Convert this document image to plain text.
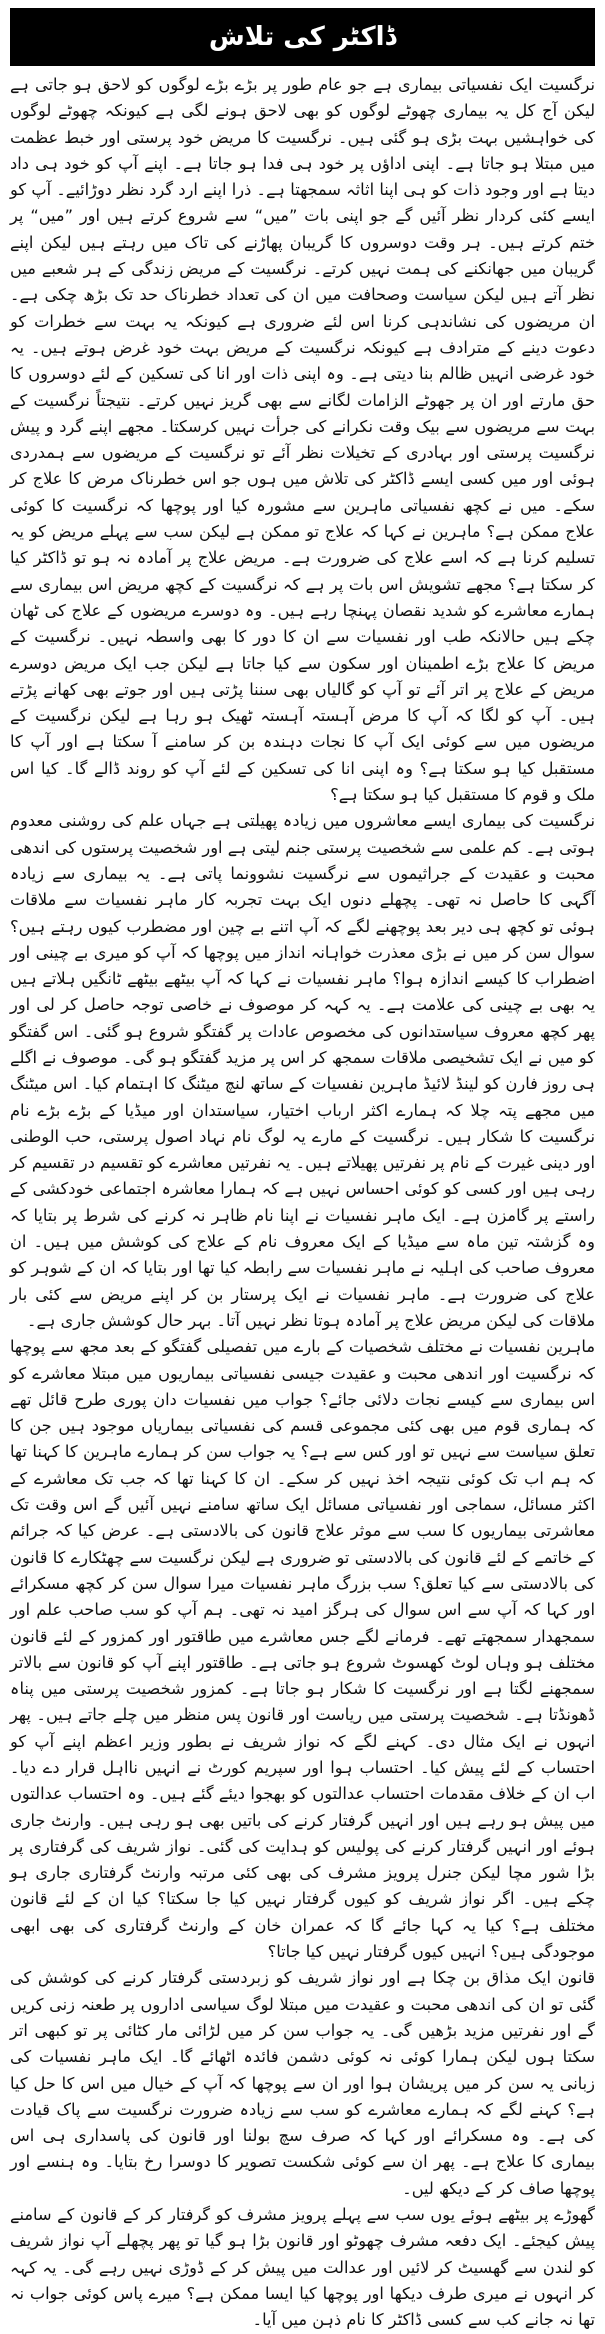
ڈاکٹر کی تلاش

نرگسیت ایک نفسیاتی بیماری ہے جو عام طور پر بڑے بڑے لوگوں کو لاحق ہو جاتی ہے لیکن آج کل یہ بیماری چھوٹے لوگوں کو بھی لاحق ہونے لگی ہے کیونکہ چھوٹے لوگوں کی خواہشیں بہت بڑی ہو گئی ہیں۔ نرگسیت کا مریض خود پرستی اور خبط عظمت میں مبتلا ہو جاتا ہے۔ اپنی اداؤں پر خود ہی فدا ہو جاتا ہے۔ اپنے آپ کو خود ہی داد دیتا ہے اور وجود ذات کو ہی اپنا اثاثہ سمجھتا ہے۔ ذرا اپنے ارد گرد نظر دوڑائیے۔ آپ کو ایسے کئی کردار نظر آئیں گے جو اپنی بات ”میں“ سے شروع کرتے ہیں اور ”میں“ پر ختم کرتے ہیں۔ ہر وقت دوسروں کا گریبان پھاڑنے کی تاک میں رہتے ہیں لیکن اپنے گریبان میں جھانکنے کی ہمت نہیں کرتے۔ نرگسیت کے مریض زندگی کے ہر شعبے میں نظر آتے ہیں لیکن سیاست وصحافت میں ان کی تعداد خطرناک حد تک بڑھ چکی ہے۔ ان مریضوں کی نشاندہی کرنا اس لئے ضروری ہے کیونکہ یہ بہت سے خطرات کو دعوت دینے کے مترادف ہے کیونکہ نرگسیت کے مریض بہت خود غرض ہوتے ہیں۔ یہ خود غرضی انہیں ظالم بنا دیتی ہے۔ وہ اپنی ذات اور انا کی تسکین کے لئے دوسروں کا حق مارتے اور ان پر جھوٹے الزامات لگانے سے بھی گریز نہیں کرتے۔ نتیجتاً نرگسیت کے بہت سے مریضوں سے بیک وقت نکرانے کی جرأت نہیں کرسکتا۔ مجھے اپنے گرد و پیش نرگسیت پرستی اور بہادری کے تخیلات نظر آئے تو نرگسیت کے مریضوں سے ہمدردی ہوئی اور میں کسی ایسے ڈاکٹر کی تلاش میں ہوں جو اس خطرناک مرض کا علاج کر سکے۔ میں نے کچھ نفسیاتی ماہرین سے مشورہ کیا اور پوچھا کہ نرگسیت کا کوئی علاج ممکن ہے؟ ماہرین نے کہا کہ علاج تو ممکن ہے لیکن سب سے پہلے مریض کو یہ تسلیم کرنا ہے کہ اسے علاج کی ضرورت ہے۔ مریض علاج پر آمادہ نہ ہو تو ڈاکٹر کیا کر سکتا ہے؟ مجھے تشویش اس بات پر ہے کہ نرگسیت کے کچھ مریض اس بیماری سے ہمارے معاشرے کو شدید نقصان پہنچا رہے ہیں۔ وہ دوسرے مریضوں کے علاج کی ٹھان چکے ہیں حالانکہ طب اور نفسیات سے ان کا دور کا بھی واسطہ نہیں۔ نرگسیت کے مریض کا علاج بڑے اطمینان اور سکون سے کیا جاتا ہے لیکن جب ایک مریض دوسرے مریض کے علاج پر اتر آئے تو آپ کو گالیاں بھی سننا پڑتی ہیں اور جوتے بھی کھانے پڑتے ہیں۔ آپ کو لگا کہ آپ کا مرض آہستہ آہستہ ٹھیک ہو رہا ہے لیکن نرگسیت کے مریضوں میں سے کوئی ایک آپ کا نجات دہندہ بن کر سامنے آ سکتا ہے اور آپ کا مستقبل کیا ہو سکتا ہے؟ وہ اپنی انا کی تسکین کے لئے آپ کو روند ڈالے گا۔ کیا اس ملک و قوم کا مستقبل کیا ہو سکتا ہے؟

نرگسیت کی بیماری ایسے معاشروں میں زیادہ پھیلتی ہے جہاں علم کی روشنی معدوم ہوتی ہے۔ کم علمی سے شخصیت پرستی جنم لیتی ہے اور شخصیت پرستوں کی اندھی محبت و عقیدت کے جراثیموں سے نرگسیت نشوونما پاتی ہے۔ یہ بیماری سے زیادہ آگہی کا حاصل نہ تھی۔ پچھلے دنوں ایک بہت تجربہ کار ماہر نفسیات سے ملاقات ہوئی تو کچھ ہی دیر بعد پوچھنے لگے کہ آپ اتنے بے چین اور مضطرب کیوں رہتے ہیں؟ سوال سن کر میں نے بڑی معذرت خواہانہ انداز میں پوچھا کہ آپ کو میری بے چینی اور اضطراب کا کیسے اندازہ ہوا؟ ماہر نفسیات نے کہا کہ آپ بیٹھے بیٹھے ٹانگیں ہلاتے ہیں یہ بھی بے چینی کی علامت ہے۔ یہ کہہ کر موصوف نے خاصی توجہ حاصل کر لی اور پھر کچھ معروف سیاستدانوں کی مخصوص عادات پر گفتگو شروع ہو گئی۔ اس گفتگو کو میں نے ایک تشخیصی ملاقات سمجھ کر اس پر مزید گفتگو ہو گی۔ موصوف نے اگلے ہی روز فارن کو لینڈ لائیڈ ماہرین نفسیات کے ساتھ لنچ میٹنگ کا اہتمام کیا۔ اس میٹنگ میں مجھے پتہ چلا کہ ہمارے اکثر ارباب اختیار، سیاستدان اور میڈیا کے بڑے بڑے نام نرگسیت کا شکار ہیں۔ نرگسیت کے مارے یہ لوگ نام نہاد اصول پرستی، حب الوطنی اور دینی غیرت کے نام پر نفرتیں پھیلاتے ہیں۔ یہ نفرتیں معاشرے کو تقسیم در تقسیم کر رہی ہیں اور کسی کو کوئی احساس نہیں ہے کہ ہمارا معاشرہ اجتماعی خودکشی کے راستے پر گامزن ہے۔ ایک ماہر نفسیات نے اپنا نام ظاہر نہ کرنے کی شرط پر بتایا کہ وہ گزشتہ تین ماہ سے میڈیا کے ایک معروف نام کے علاج کی کوشش میں ہیں۔ ان معروف صاحب کی اہلیہ نے ماہر نفسیات سے رابطہ کیا تھا اور بتایا کہ ان کے شوہر کو علاج کی ضرورت ہے۔ ماہر نفسیات نے ایک پرستار بن کر اپنے مریض سے کئی بار ملاقات کی لیکن مریض علاج پر آمادہ ہوتا نظر نہیں آتا۔ بہر حال کوشش جاری ہے۔

ماہرین نفسیات نے مختلف شخصیات کے بارے میں تفصیلی گفتگو کے بعد مجھ سے پوچھا کہ نرگسیت اور اندھی محبت و عقیدت جیسی نفسیاتی بیماریوں میں مبتلا معاشرے کو اس بیماری سے کیسے نجات دلائی جائے؟ جواب میں نفسیات دان پوری طرح قائل تھے کہ ہماری قوم میں بھی کئی مجموعی قسم کی نفسیاتی بیماریاں موجود ہیں جن کا تعلق سیاست سے نہیں تو اور کس سے ہے؟ یہ جواب سن کر ہمارے ماہرین کا کہنا تھا کہ ہم اب تک کوئی نتیجہ اخذ نہیں کر سکے۔ ان کا کہنا تھا کہ جب تک معاشرے کے اکثر مسائل، سماجی اور نفسیاتی مسائل ایک ساتھ سامنے نہیں آئیں گے اس وقت تک معاشرتی بیماریوں کا سب سے موثر علاج قانون کی بالادستی ہے۔ عرض کیا کہ جرائم کے خاتمے کے لئے قانون کی بالادستی تو ضروری ہے لیکن نرگسیت سے چھٹکارے کا قانون کی بالادستی سے کیا تعلق؟ سب بزرگ ماہر نفسیات میرا سوال سن کر کچھ مسکرائے اور کہا کہ آپ سے اس سوال کی ہرگز امید نہ تھی۔ ہم آپ کو سب صاحب علم اور سمجھدار سمجھتے تھے۔ فرمانے لگے جس معاشرے میں طاقتور اور کمزور کے لئے قانون مختلف ہو وہاں لوٹ کھسوٹ شروع ہو جاتی ہے۔ طاقتور اپنے آپ کو قانون سے بالاتر سمجھنے لگتا ہے اور نرگسیت کا شکار ہو جاتا ہے۔ کمزور شخصیت پرستی میں پناہ ڈھونڈتا ہے۔ شخصیت پرستی میں ریاست اور قانون پس منظر میں چلے جاتے ہیں۔ پھر انہوں نے ایک مثال دی۔ کہنے لگے کہ نواز شریف نے بطور وزیر اعظم اپنے آپ کو احتساب کے لئے پیش کیا۔ احتساب ہوا اور سپریم کورٹ نے انہیں نااہل قرار دے دیا۔ اب ان کے خلاف مقدمات احتساب عدالتوں کو بھجوا دیئے گئے ہیں۔ وہ احتساب عدالتوں میں پیش ہو رہے ہیں اور انہیں گرفتار کرنے کی باتیں بھی ہو رہی ہیں۔ وارنٹ جاری ہوئے اور انہیں گرفتار کرنے کی پولیس کو ہدایت کی گئی۔ نواز شریف کی گرفتاری پر بڑا شور مچا لیکن جنرل پرویز مشرف کی بھی کئی مرتبہ وارنٹ گرفتاری جاری ہو چکے ہیں۔ اگر نواز شریف کو کیوں گرفتار نہیں کیا جا سکتا؟ کیا ان کے لئے قانون مختلف ہے؟ کیا یہ کہا جائے گا کہ عمران خان کے وارنٹ گرفتاری کی بھی ابھی موجودگی ہیں؟ انہیں کیوں گرفتار نہیں کیا جاتا؟

قانون ایک مذاق بن چکا ہے اور نواز شریف کو زبردستی گرفتار کرنے کی کوشش کی گئی تو ان کی اندھی محبت و عقیدت میں مبتلا لوگ سیاسی اداروں پر طعنہ زنی کریں گے اور نفرتیں مزید بڑھیں گی۔ یہ جواب سن کر میں لڑائی مار کٹائی پر تو کبھی اتر سکتا ہوں لیکن ہمارا کوئی نہ کوئی دشمن فائدہ اٹھائے گا۔ ایک ماہر نفسیات کی زبانی یہ سن کر میں پریشان ہوا اور ان سے پوچھا کہ آپ کے خیال میں اس کا حل کیا ہے؟ کہنے لگے کہ ہمارے معاشرے کو سب سے زیادہ ضرورت نرگسیت سے پاک قیادت کی ہے۔ وہ مسکرائے اور کہا کہ صرف سچ بولنا اور قانون کی پاسداری ہی اس بیماری کا علاج ہے۔ پھر ان سے کوئی شکست تصویر کا دوسرا رخ بتایا۔ وہ ہنسے اور پوچھا صاف کر کے دیکھ لیں۔

گھوڑے پر بیٹھے ہوئے یوں سب سے پہلے پرویز مشرف کو گرفتار کر کے قانون کے سامنے پیش کیجئے۔ ایک دفعہ مشرف چھوٹو اور قانون بڑا ہو گیا تو پھر پچھلے آپ نواز شریف کو لندن سے گھسیٹ کر لائیں اور عدالت میں پیش کر کے ڈوڑی نہیں رہے گی۔ یہ کہہ کر انہوں نے میری طرف دیکھا اور پوچھا کیا ایسا ممکن ہے؟ میرے پاس کوئی جواب نہ تھا نہ جانے کب سے کسی ڈاکٹر کا نام ذہن میں آیا۔
